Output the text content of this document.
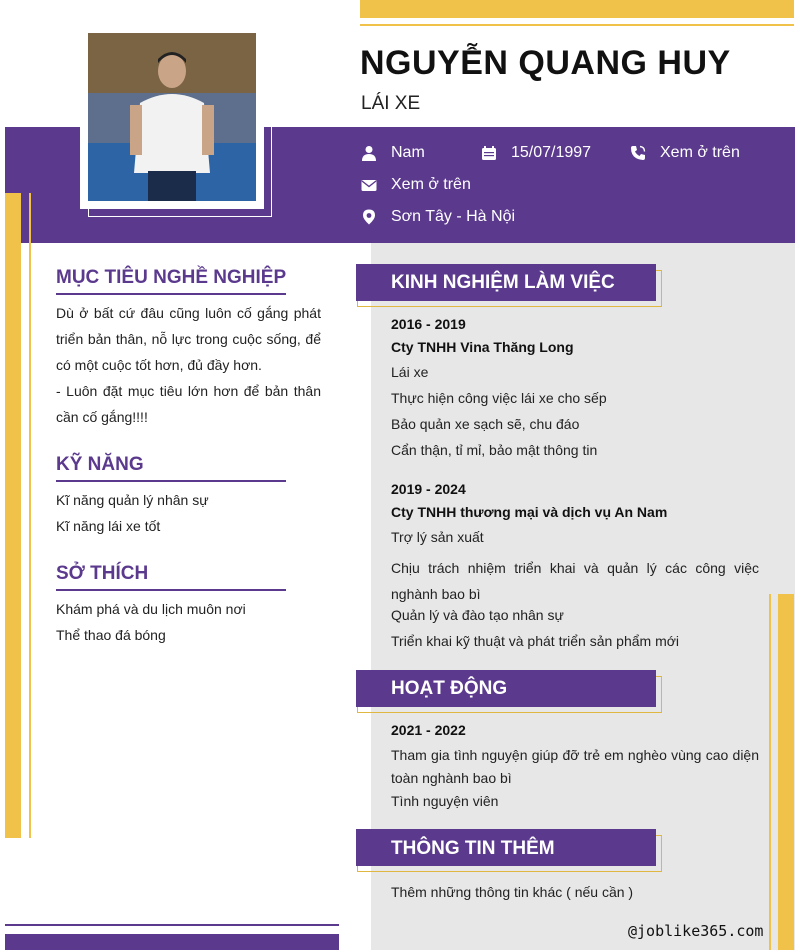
NGUYỄN QUANG HUY
LÁI XE
Nam	15/07/1997	Xem ở trên
Xem ở trên
Sơn Tây - Hà Nội
MỤC TIÊU NGHỀ NGHIỆP
Dù ở bất cứ đâu cũng luôn cố gắng phát triển bản thân, nỗ lực trong cuộc sống, để có một cuộc tốt hơn, đủ đầy hơn.
- Luôn đặt mục tiêu lớn hơn để bản thân cần cố gắng!!!!
KỸ NĂNG
Kĩ năng quản lý nhân sự
Kĩ năng lái xe tốt
SỞ THÍCH
Khám phá và du lịch muôn nơi
Thể thao đá bóng
KINH NGHIỆM LÀM VIỆC
2016 - 2019
Cty TNHH Vina Thăng Long
Lái xe
Thực hiện công việc lái xe cho sếp
Bảo quản xe sạch sẽ, chu đáo
Cẩn thận, tỉ mỉ, bảo mật thông tin
2019 - 2024
Cty TNHH thương mại và dịch vụ An Nam
Trợ lý sản xuất
Chịu trách nhiệm triển khai và quản lý các công việc nghành bao bì
Quản lý và đào tạo nhân sự
Triển khai kỹ thuật và phát triển sản phẩm mới
HOẠT ĐỘNG
2021 - 2022
Tham gia tình nguyện giúp đỡ trẻ em nghèo vùng cao diện toàn nghành bao bì
Tình nguyện viên
THÔNG TIN THÊM
Thêm những thông tin khác ( nếu cần )
@joblike365.com
